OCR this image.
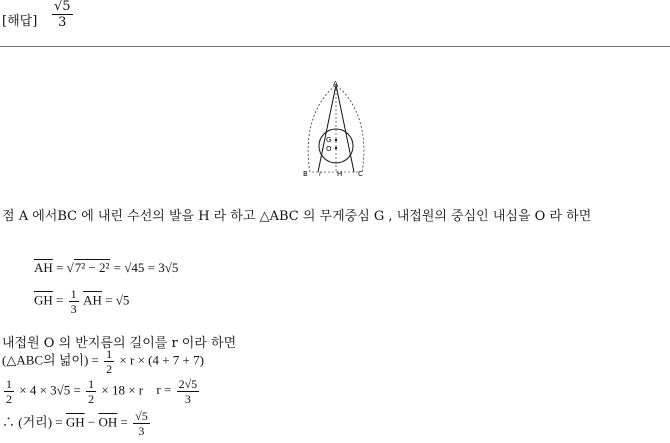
[해답] $\frac{√5}{3}$
A
B	C
H
G
O
r
점 A 에서BC 에 내린 수선의 발을 H 라 하고 △ABC 의 무게중심 G , 내접원의 중심인 내심을 O 라 하면
$\overline{AH} = √7^2 - 2^2 = √45 = 3√5$
$\overline{GH} = \frac{1}{3} \overline{AH} = √5$
내접원 O 의 반지름의 길이를 r 이라 하면
(△ABC의 넓이) = $\frac{1}{2} \times r \times (4 + 7 + 7)$
$\frac{1}{2} \times 4 \times 3√5 = \frac{1}{2} \times 18 \times r$ $r = \frac{2√5}{3}$
∴ (거리) = $\overline{GH} - \overline{OH} = \frac{√5}{3}$
